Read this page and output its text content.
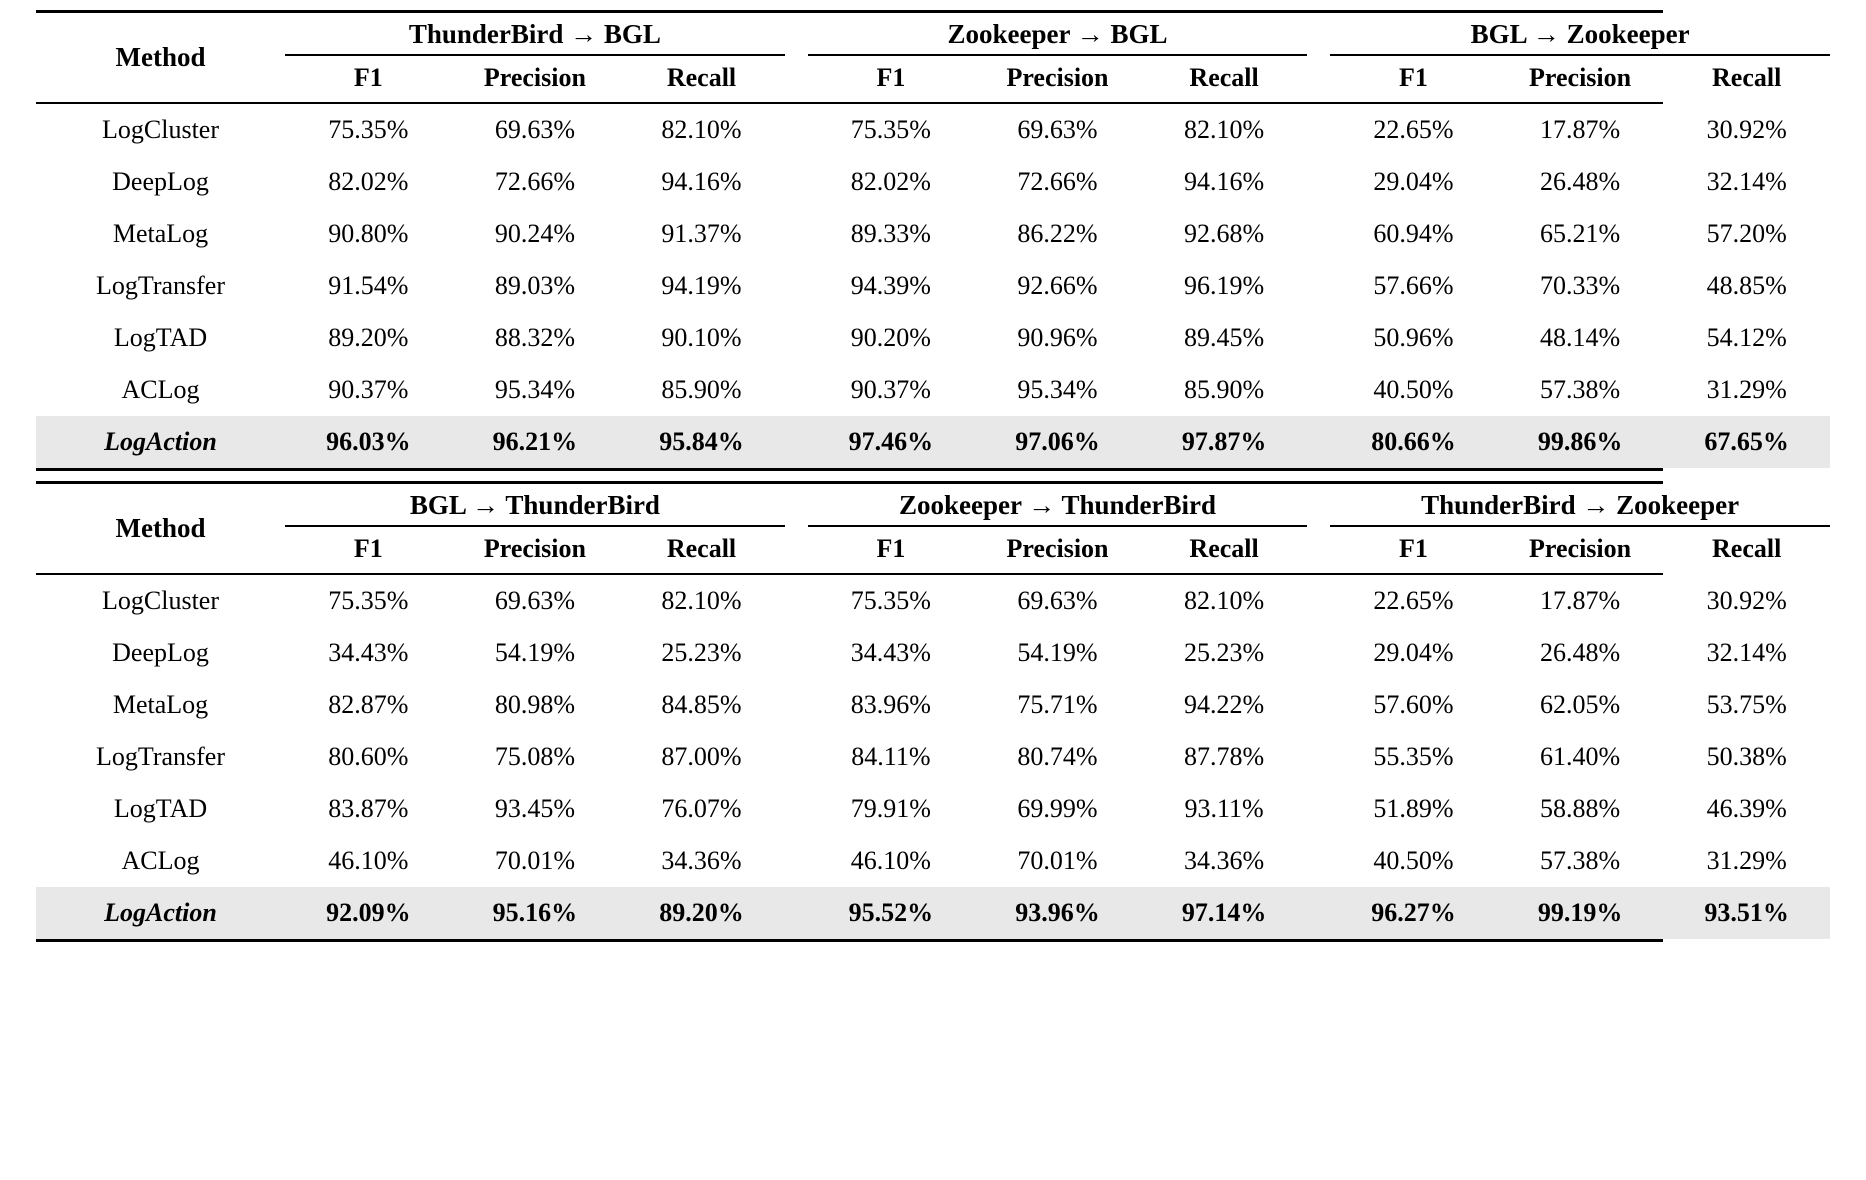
Method	ThunderBird → BGL				Zookeeper → BGL				BGL → Zookeeper		

	F1	Precision	Recall		F1	Precision	Recall		F1	Precision	Recall

LogCluster	75.35%	69.63%	82.10%		75.35%	69.63%	82.10%		22.65%	17.87%	30.92%
DeepLog	82.02%	72.66%	94.16%		82.02%	72.66%	94.16%		29.04%	26.48%	32.14%
MetaLog	90.80%	90.24%	91.37%		89.33%	86.22%	92.68%		60.94%	65.21%	57.20%
LogTransfer	91.54%	89.03%	94.19%		94.39%	92.66%	96.19%		57.66%	70.33%	48.85%
LogTAD	89.20%	88.32%	90.10%		90.20%	90.96%	89.45%		50.96%	48.14%	54.12%
ACLog	90.37%	95.34%	85.90%		90.37%	95.34%	85.90%		40.50%	57.38%	31.29%
LogAction	96.03%	96.21%	95.84%		97.46%	97.06%	97.87%		80.66%	99.86%	67.65%

Method	BGL → ThunderBird				Zookeeper → ThunderBird				ThunderBird → Zookeeper		

	F1	Precision	Recall		F1	Precision	Recall		F1	Precision	Recall

LogCluster	75.35%	69.63%	82.10%		75.35%	69.63%	82.10%		22.65%	17.87%	30.92%
DeepLog	34.43%	54.19%	25.23%		34.43%	54.19%	25.23%		29.04%	26.48%	32.14%
MetaLog	82.87%	80.98%	84.85%		83.96%	75.71%	94.22%		57.60%	62.05%	53.75%
LogTransfer	80.60%	75.08%	87.00%		84.11%	80.74%	87.78%		55.35%	61.40%	50.38%
LogTAD	83.87%	93.45%	76.07%		79.91%	69.99%	93.11%		51.89%	58.88%	46.39%
ACLog	46.10%	70.01%	34.36%		46.10%	70.01%	34.36%		40.50%	57.38%	31.29%
LogAction	92.09%	95.16%	89.20%		95.52%	93.96%	97.14%		96.27%	99.19%	93.51%
